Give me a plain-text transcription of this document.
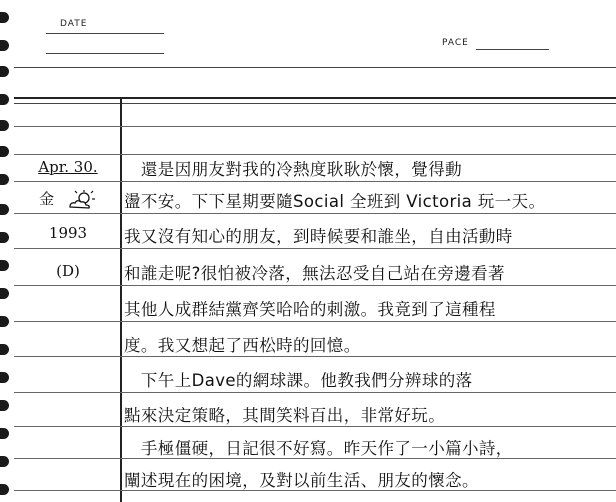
DATE
PACE
Apr. 30.
金
1993
(D)
　還是因朋友對我的冷熱度耿耿於懷，覺得動
盪不安。下下星期要隨Social 全班到 Victoria 玩一天。
我又沒有知心的朋友，到時候要和誰坐，自由活動時
和誰走呢?很怕被冷落，無法忍受自己站在旁邊看著
其他人成群結黨齊笑哈哈的刺激。我竟到了這種程
度。我又想起了西松時的回憶。
　下午上Dave的網球課。他教我們分辨球的落
點來決定策略，其間笑料百出，非常好玩。
　手極僵硬，日記很不好寫。昨天作了一小篇小詩，
闡述現在的困境，及對以前生活、朋友的懷念。
